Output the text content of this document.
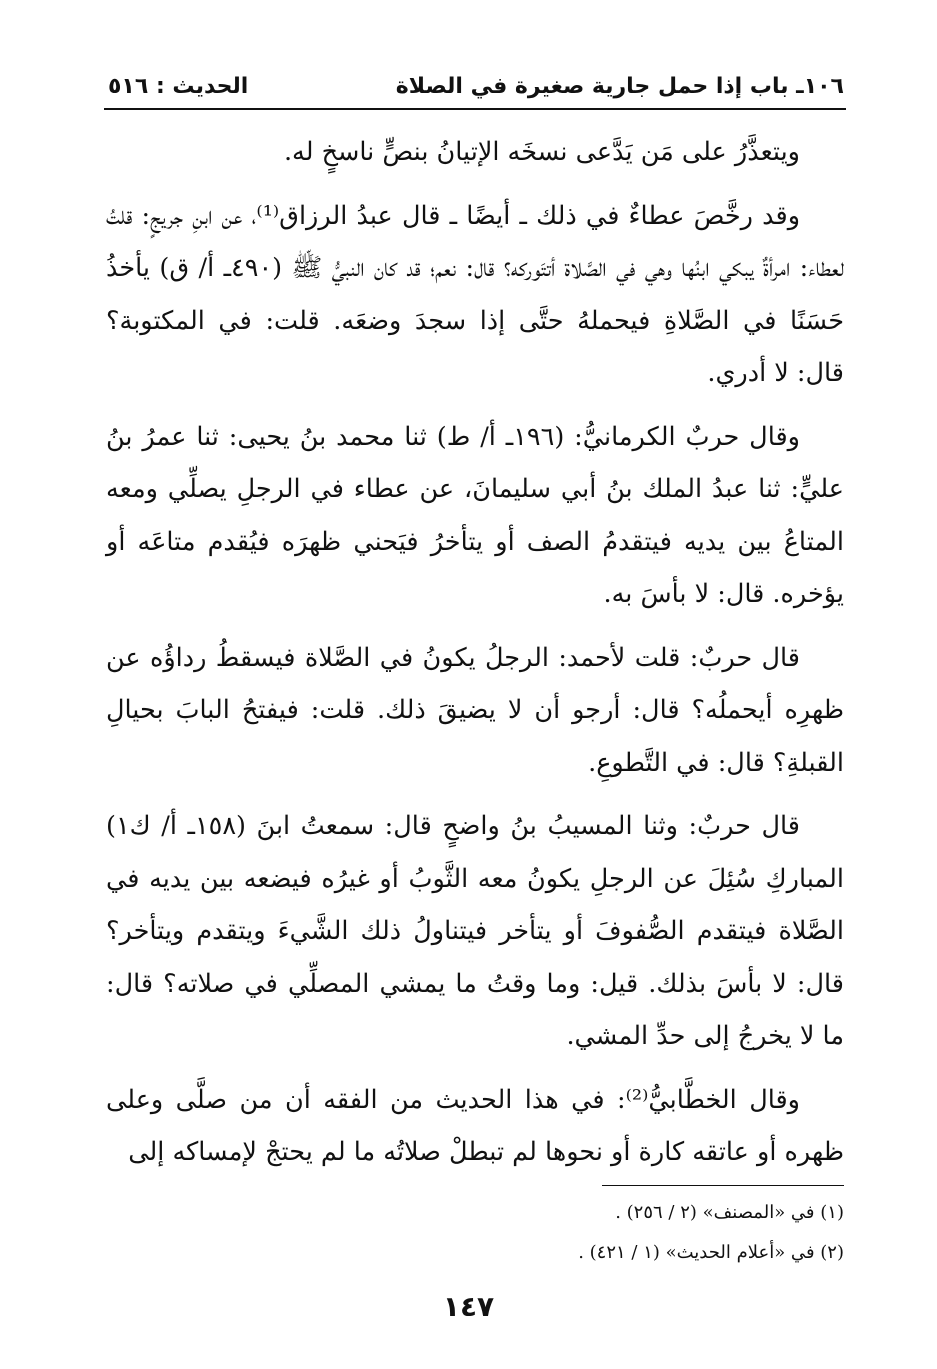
١٠٦ـ باب إذا حمل جارية صغيرة في الصلاة
الحديث : ٥١٦

ويتعذَّرُ على مَن يَدَّعى نسخَه الإتيانُ بنصٍّ ناسخٍ له.

وقد رخَّصَ عطاءٌ في ذلك ـ أيضًا ـ قال عبدُ الرزاق⁽¹⁾، عن ابنِ جريجٍ: قلتُ لعطاء: امرأةٌ يبكي ابنُها وهي في الصَّلاة أتتَوركه؟ قال: نعم؛ قد كان النبيُّ ﷺ (٤٩٠ـ أ/ ق) يأخذُ حَسَنًا في الصَّلاةِ فيحملهُ حتَّى إذا سجدَ وضعَه. قلت: في المكتوبة؟ قال: لا أدري.

وقال حربٌ الكرمانيُّ: (١٩٦ـ أ/ ط) ثنا محمد بنُ يحيى: ثنا عمرُ بنُ عليٍّ: ثنا عبدُ الملك بنُ أبي سليمانَ، عن عطاء في الرجلِ يصلِّي ومعه المتاعُ بين يديه فيتقدمُ الصف أو يتأخرُ فيَحني ظهرَه فيُقدم متاعَه أو يؤخره. قال: لا بأسَ به.

قال حربٌ: قلت لأحمد: الرجلُ يكونُ في الصَّلاة فيسقطُ رداؤُه عن ظهرِه أيحملُه؟ قال: أرجو أن لا يضيقَ ذلك. قلت: فيفتحُ البابَ بحيالِ القبلةِ؟ قال: في التَّطوعِ.

قال حربٌ: وثنا المسيبُ بنُ واضحٍ قال: سمعتُ ابنَ (١٥٨ـ أ/ ك١) المباركِ سُئِلَ عن الرجلِ يكونُ معه الثَّوبُ أو غيرُه فيضعه بين يديه في الصَّلاة فيتقدم الصُّفوفَ أو يتأخر فيتناولُ ذلك الشَّيءَ ويتقدم ويتأخر؟ قال: لا بأسَ بذلك. قيل: وما وقتُ ما يمشي المصلِّي في صلاته؟ قال: ما لا يخرجُ إلى حدِّ المشي.

وقال الخطَّابيُّ⁽²⁾: في هذا الحديث من الفقه أن من صلَّى وعلى ظهره أو عاتقه كارة أو نحوها لم تبطلْ صلاتُه ما لم يحتجْ لإمساكه إلى

(١) في «المصنف» (٢ / ٢٥٦) .
(٢) في «أعلام الحديث» (١ / ٤٢١) .
١٤٧
